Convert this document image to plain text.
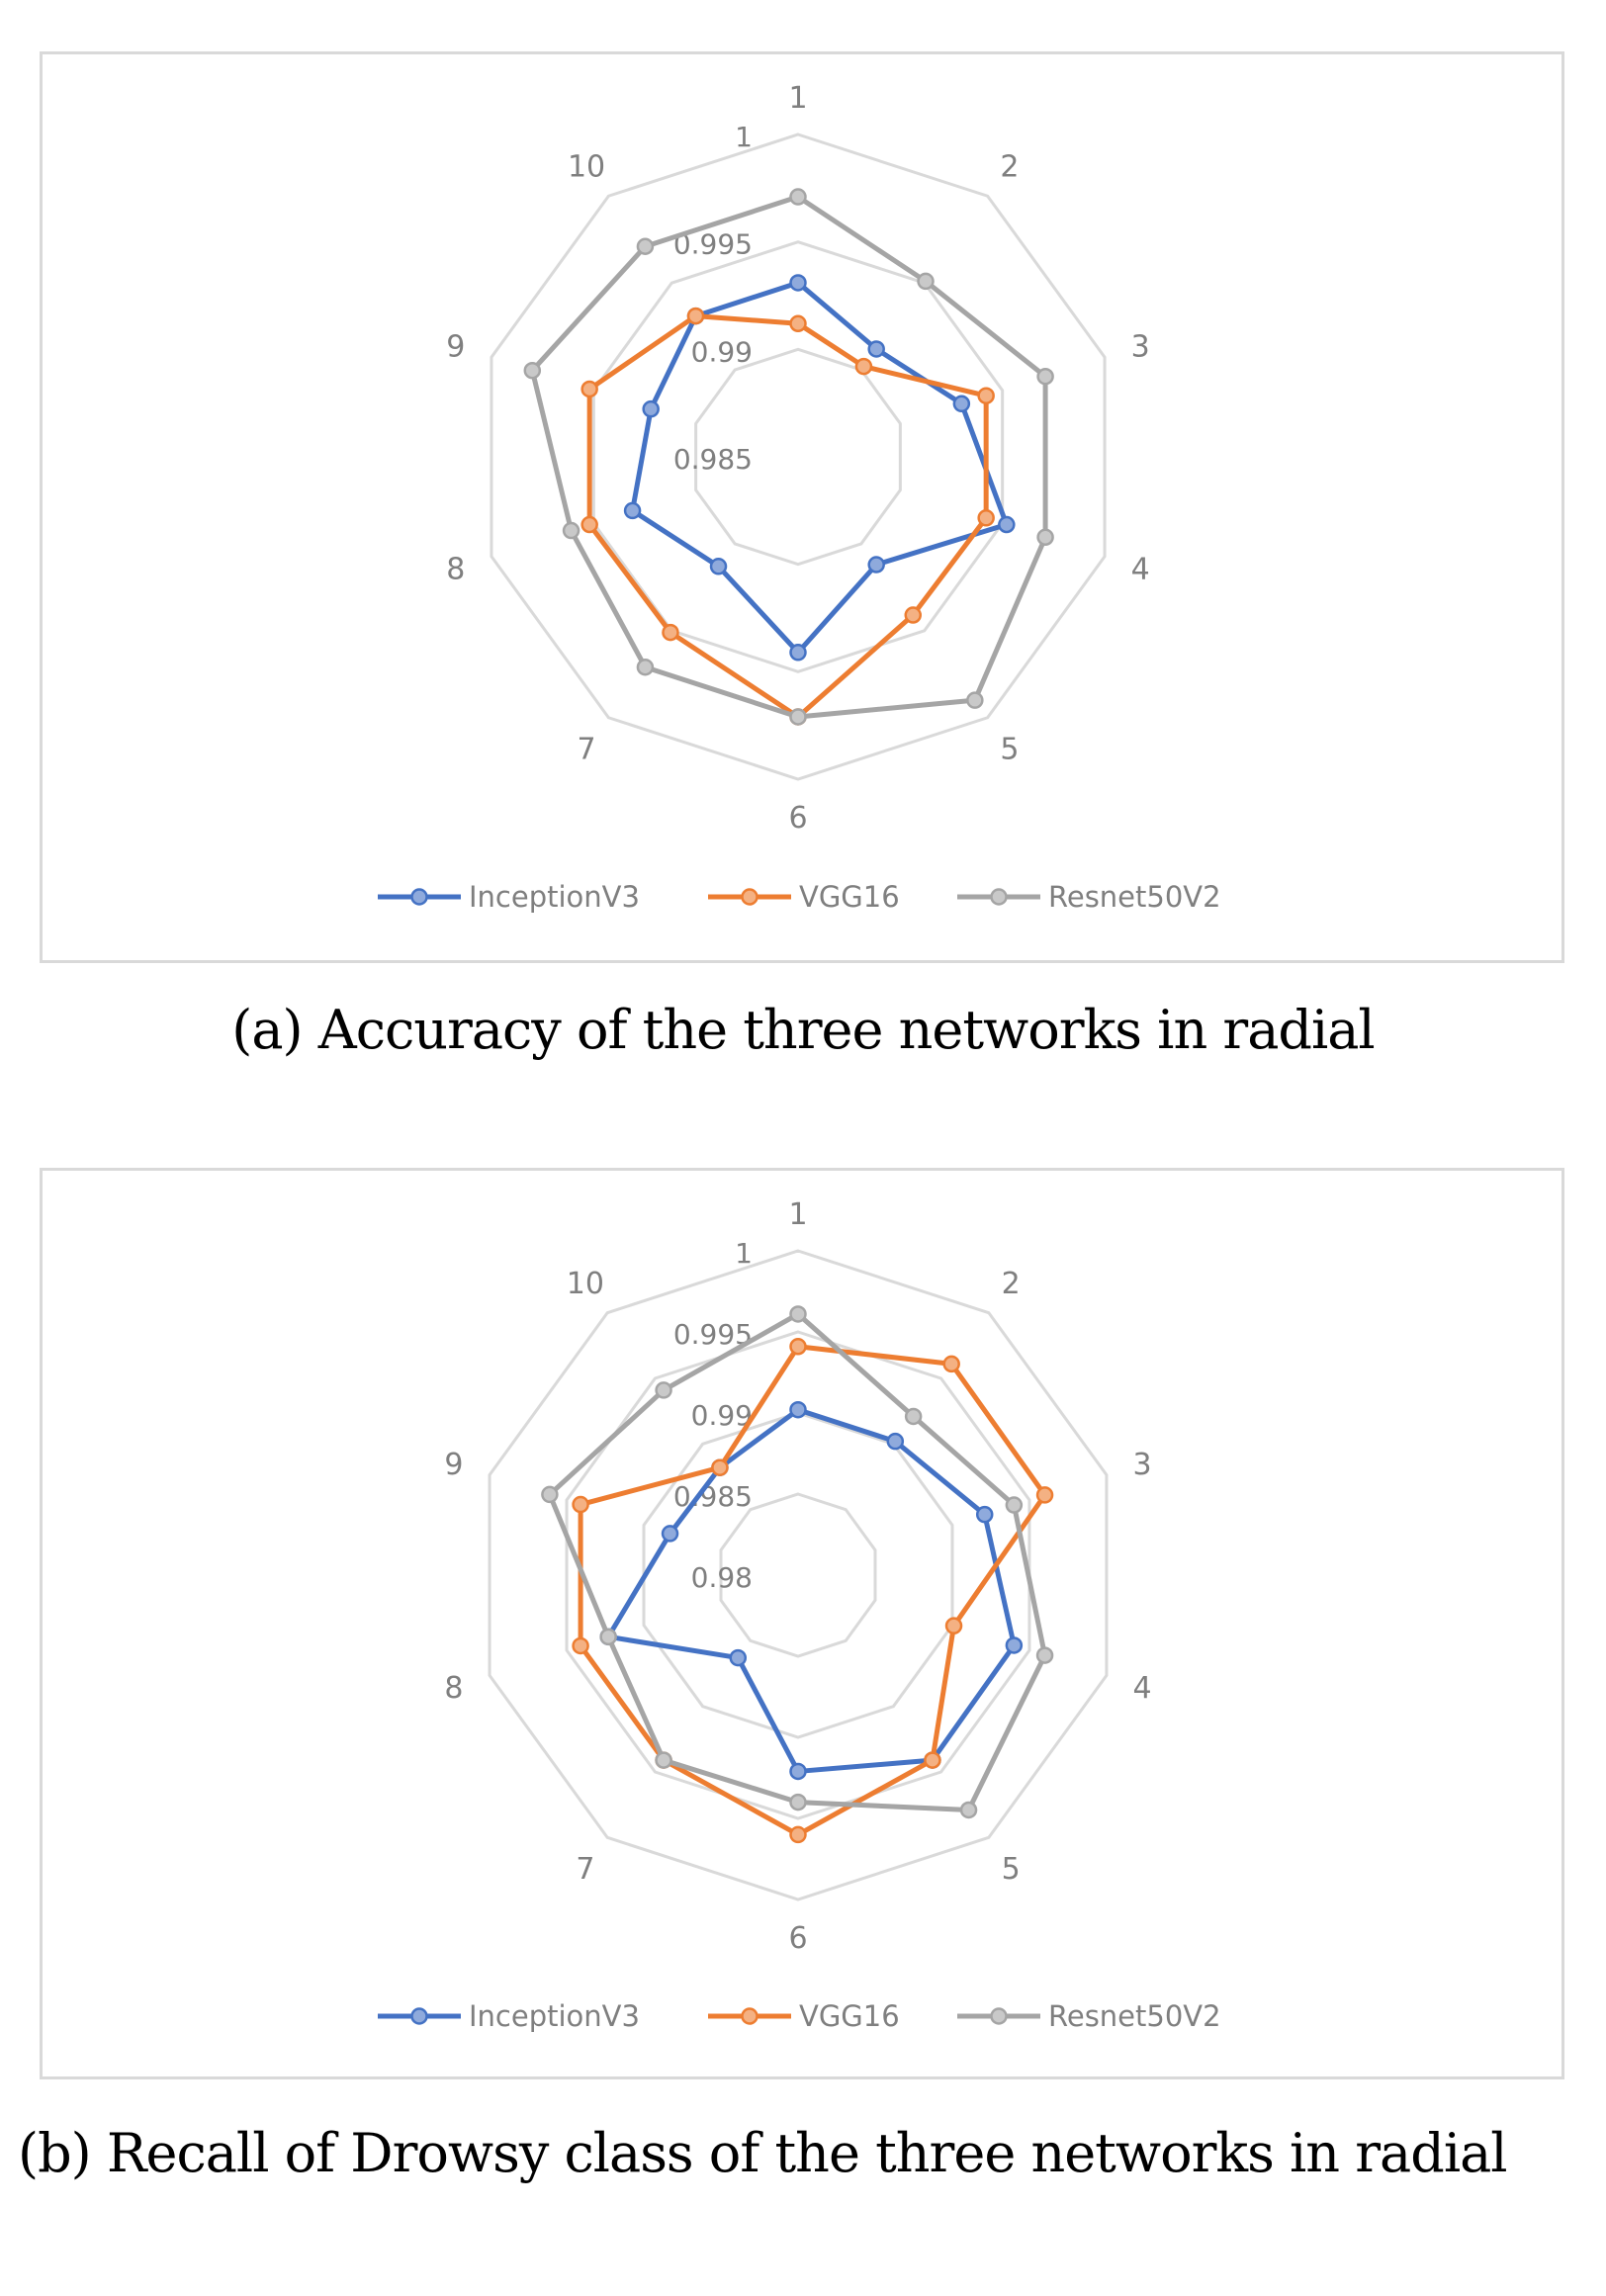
0.985
0.99
0.995
1
1
2
3
4
5
6
7
8
9
10
InceptionV3	VGG16	Resnet50V2
(a) Accuracy of the three networks in radial
0.98
0.985
0.99
0.995
1
1
2
3
4
5
6
7
8
9
10
InceptionV3	VGG16	Resnet50V2
(b) Recall of Drowsy class of the three networks in radial
